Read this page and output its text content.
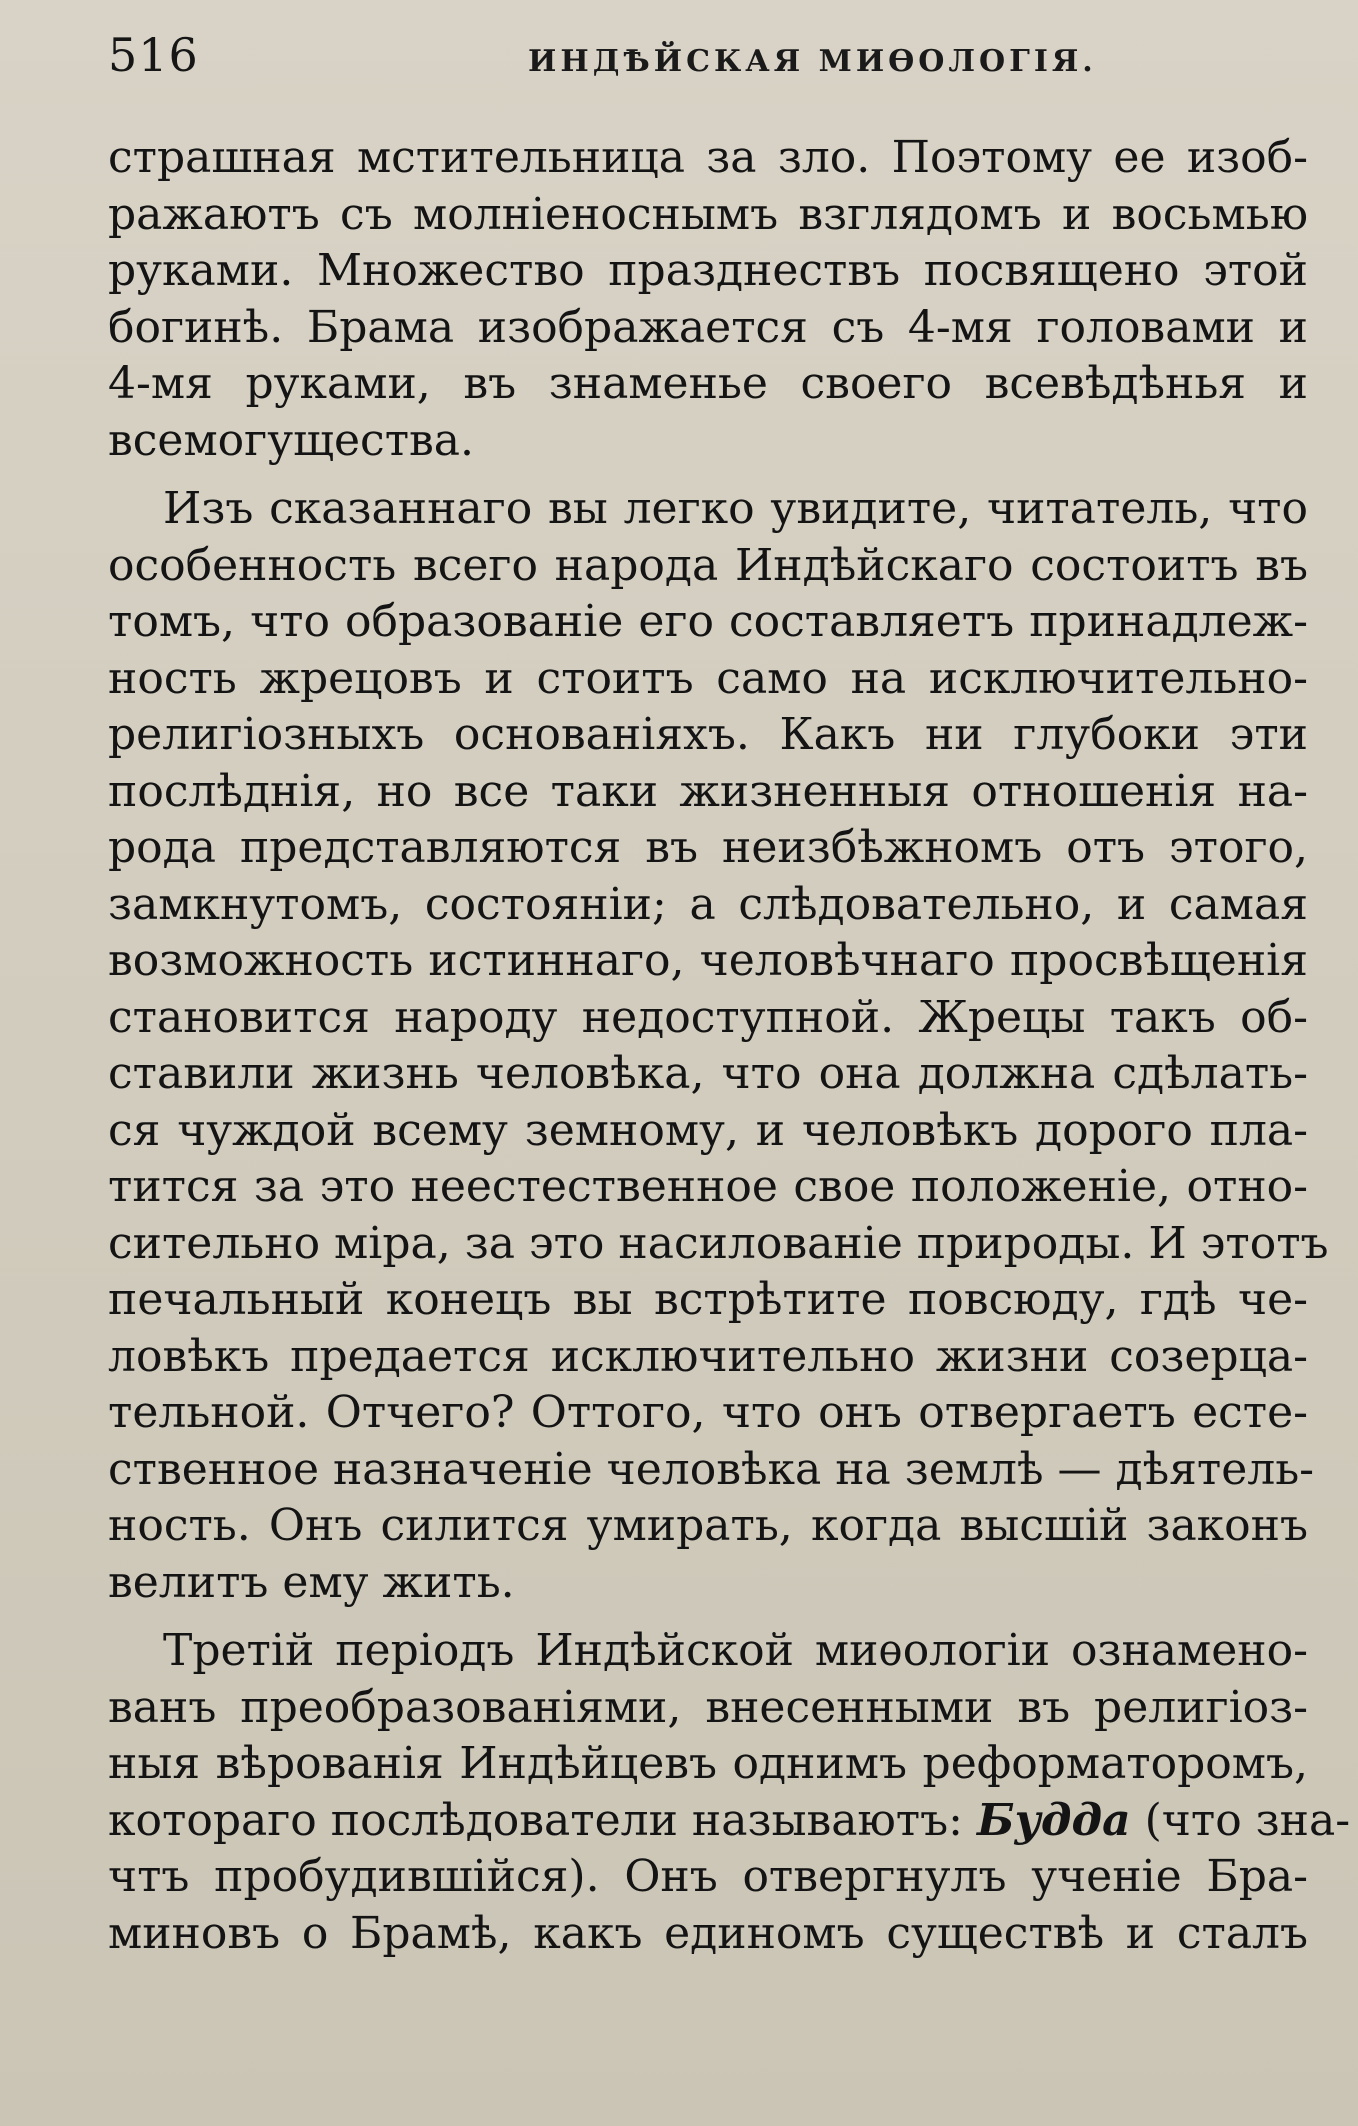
516	ИНДѢЙСКАЯ МИѲОЛОГІЯ.
страшная мстительница за зло. Поэтому ее изоб-
ражаютъ съ молніеноснымъ взглядомъ и восьмью
руками. Множество празднествъ посвящено этой
богинѣ. Брама изображается съ 4-мя головами и
4-мя руками, въ знаменье своего всевѣдѣнья и
всемогущества.
Изъ сказаннаго вы легко увидите, читатель, что
особенность всего народа Индѣйскаго состоитъ въ
томъ, что образованіе его составляетъ принадлеж-
ность жрецовъ и стоитъ само на исключительно-
религіозныхъ основаніяхъ. Какъ ни глубоки эти
послѣднія, но все таки жизненныя отношенія на-
рода представляются въ неизбѣжномъ отъ этого,
замкнутомъ, состояніи; а слѣдовательно, и самая
возможность истиннаго, человѣчнаго просвѣщенія
становится народу недоступной. Жрецы такъ об-
ставили жизнь человѣка, что она должна сдѣлать-
ся чуждой всему земному, и человѣкъ дорого пла-
тится за это неестественное свое положеніе, отно-
сительно міра, за это насилованіе природы. И этотъ
печальный конецъ вы встрѣтите повсюду, гдѣ че-
ловѣкъ предается исключительно жизни созерца-
тельной. Отчего? Оттого, что онъ отвергаетъ есте-
ственное назначеніе человѣка на землѣ — дѣятель-
ность. Онъ силится умирать, когда высшій законъ
велитъ ему жить.
Третій періодъ Индѣйской миѳологіи ознамено-
ванъ преобразованіями, внесенными въ религіоз-
ныя вѣрованія Индѣйцевъ однимъ реформаторомъ,
котораго послѣдователи называютъ: Будда (что зна-
чтъ пробудившійся). Онъ отвергнулъ ученіе Бра-
миновъ о Брамѣ, какъ единомъ существѣ и сталъ
